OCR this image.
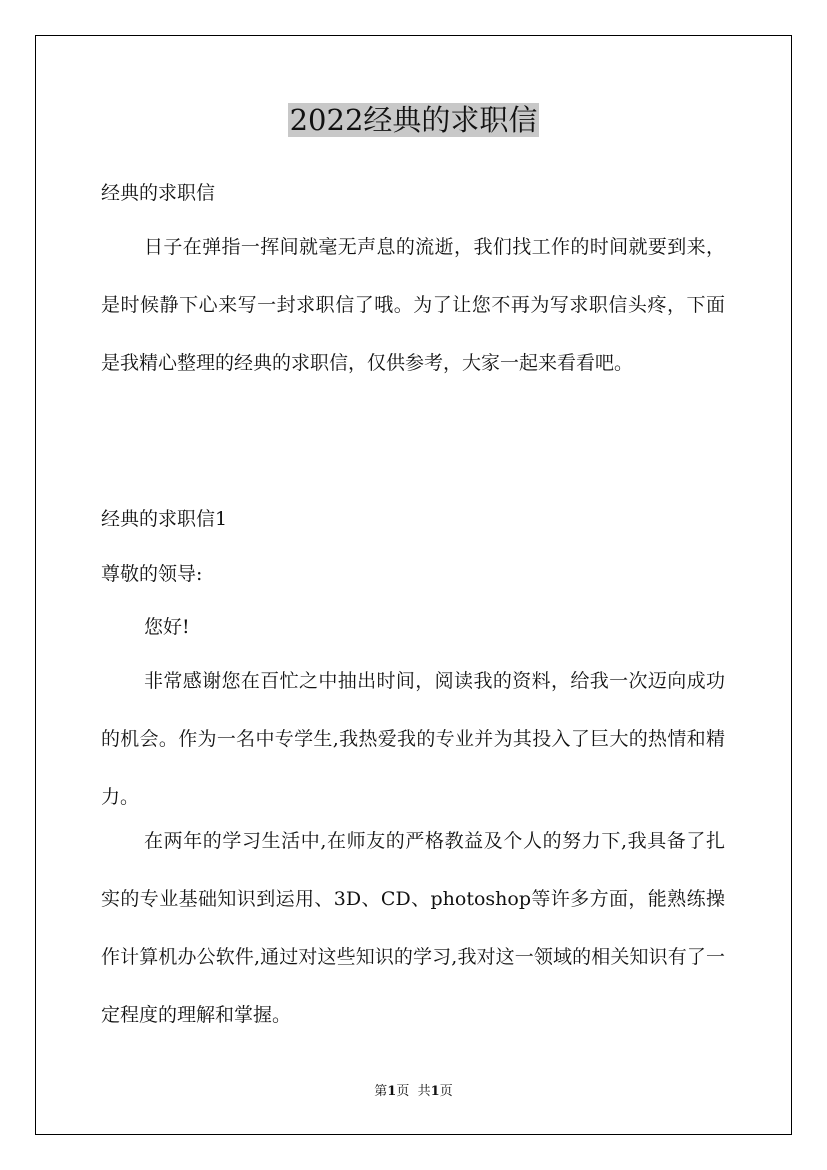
2022经典的求职信

经典的求职信

日子在弹指一挥间就毫无声息的流逝，我们找工作的时间就要到来，是时候静下心来写一封求职信了哦。为了让您不再为写求职信头疼，下面是我精心整理的经典的求职信，仅供参考，大家一起来看看吧。

经典的求职信1

尊敬的领导:

您好!

非常感谢您在百忙之中抽出时间，阅读我的资料，给我一次迈向成功的机会。作为一名中专学生,我热爱我的专业并为其投入了巨大的热情和精力。

在两年的学习生活中,在师友的严格教益及个人的努力下,我具备了扎实的专业基础知识到运用、3D、CD、photoshop等许多方面，能熟练操作计算机办公软件,通过对这些知识的学习,我对这一领域的相关知识有了一定程度的理解和掌握。

第1页 共1页
